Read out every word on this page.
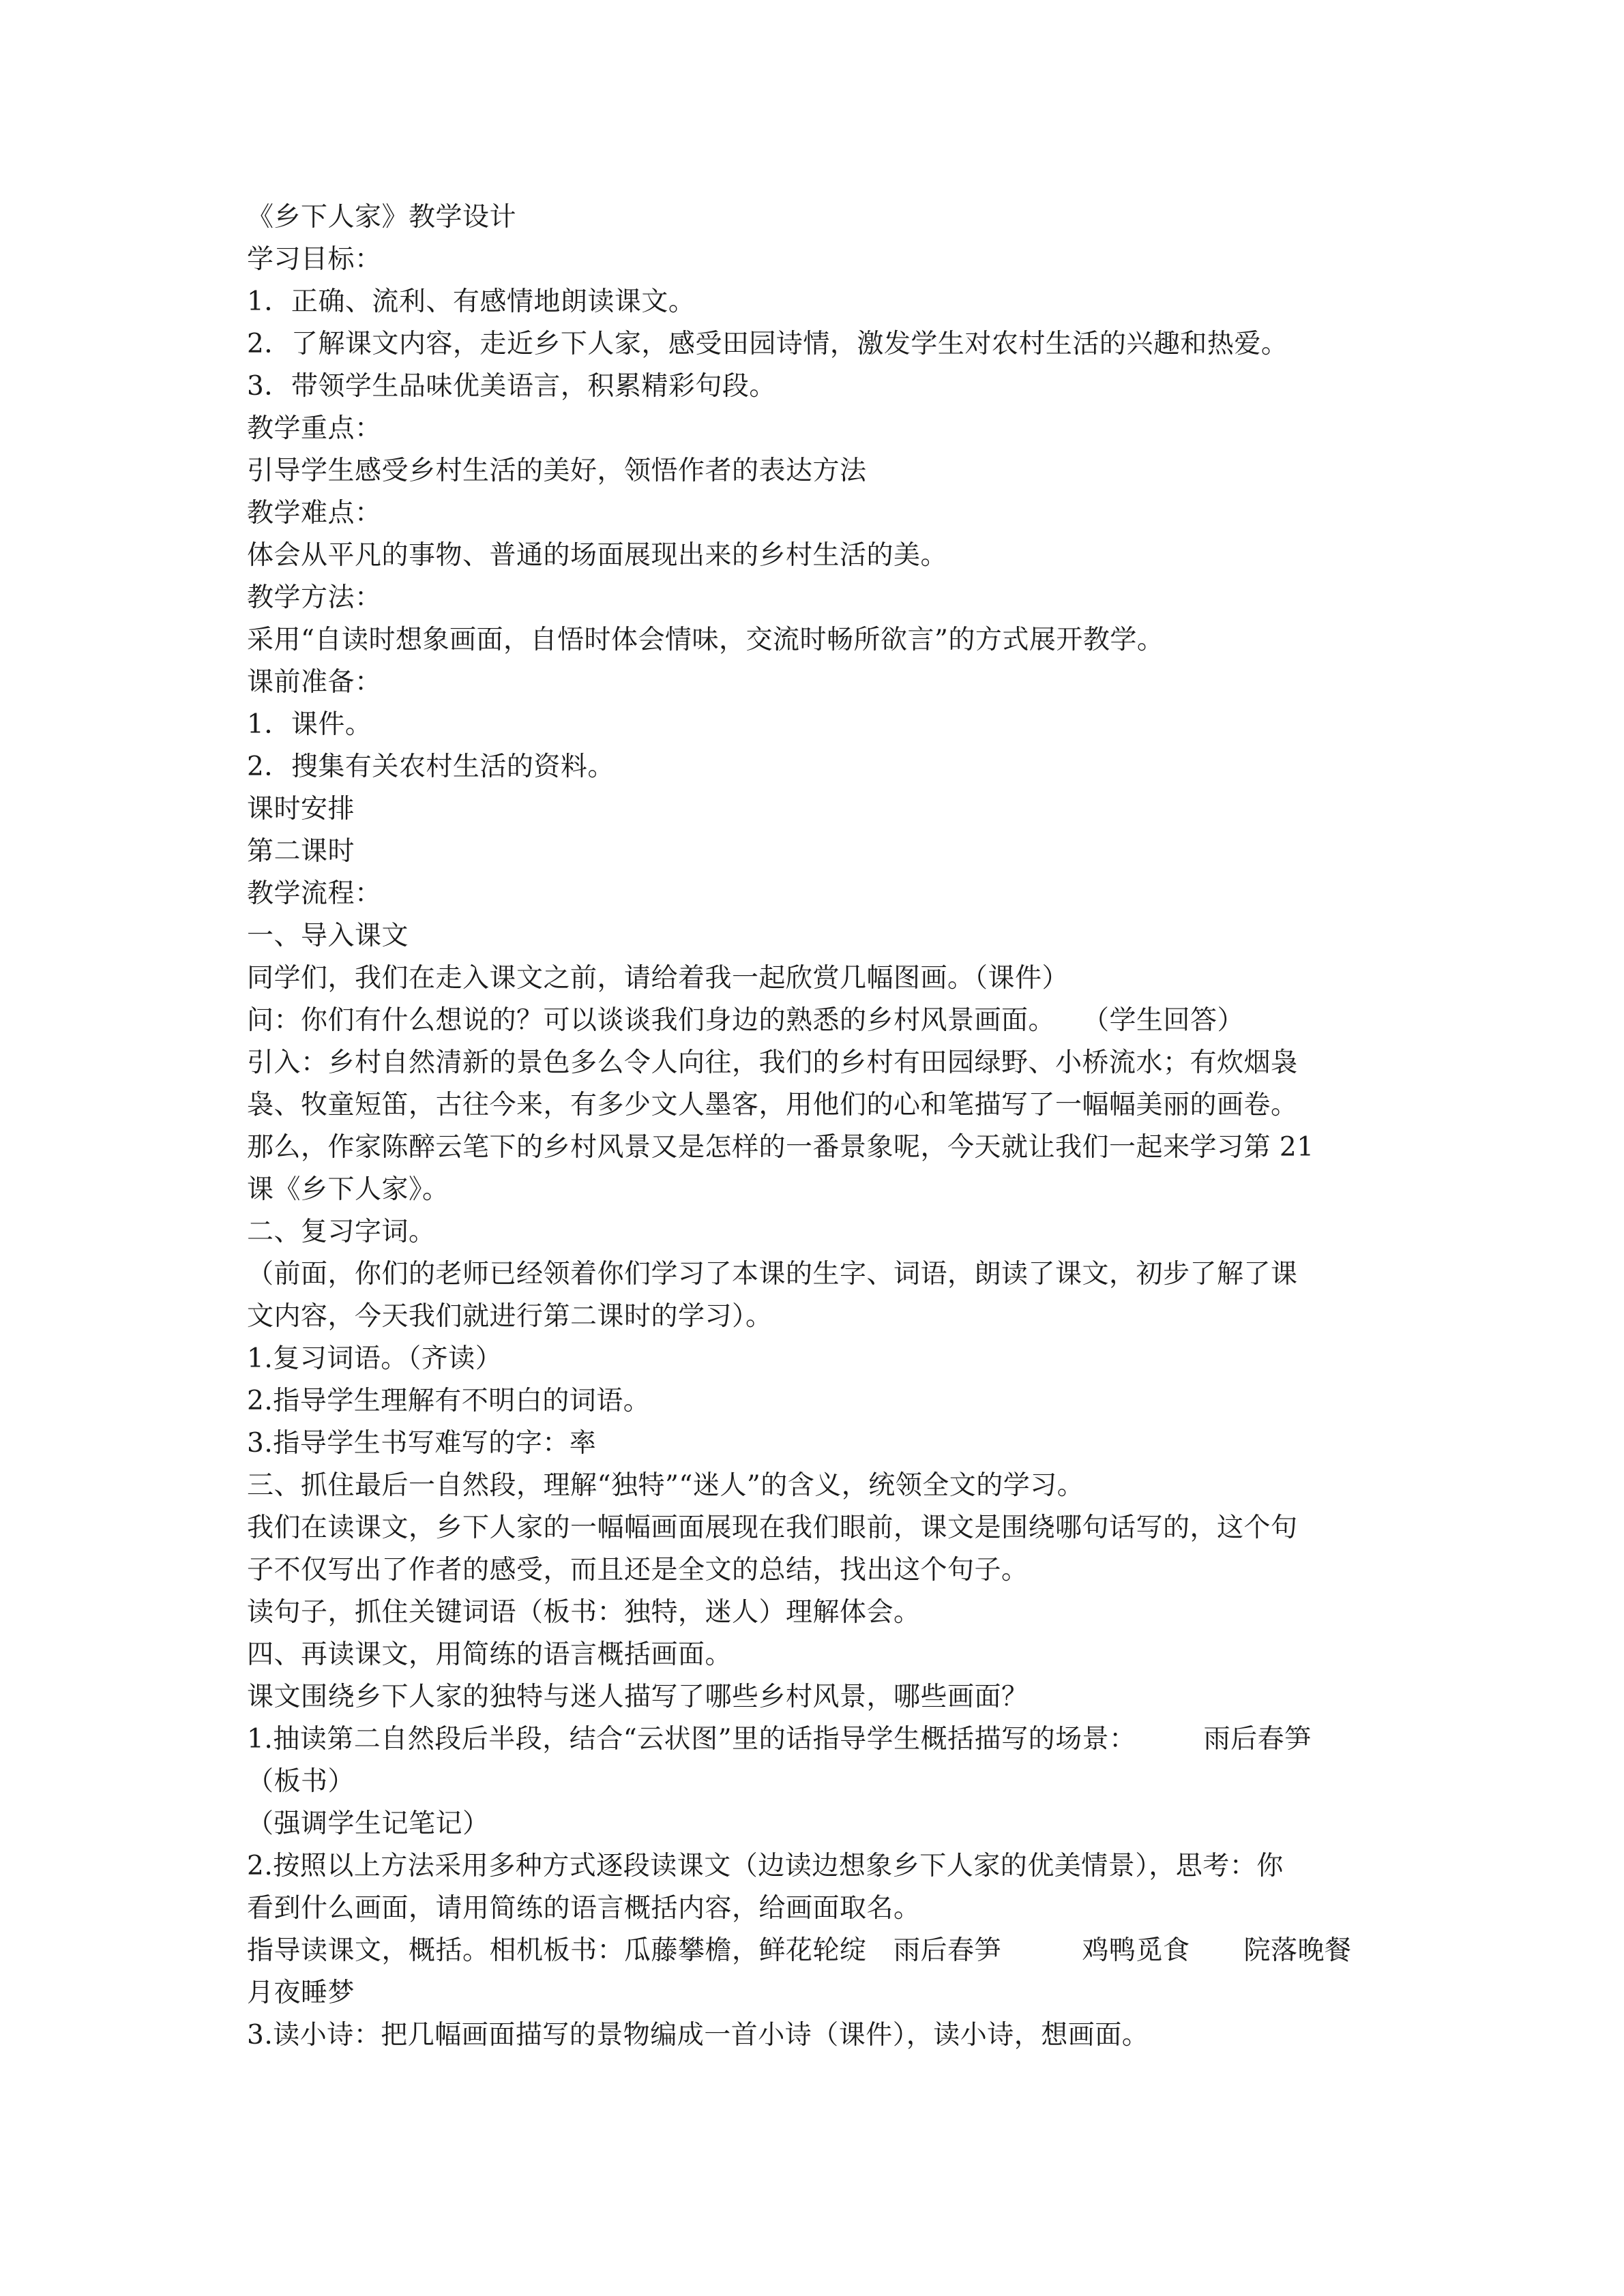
《乡下人家》教学设计
学习目标：
1．正确、流利、有感情地朗读课文。
2．了解课文内容，走近乡下人家，感受田园诗情，激发学生对农村生活的兴趣和热爱。
3．带领学生品味优美语言，积累精彩句段。
教学重点：
引导学生感受乡村生活的美好，领悟作者的表达方法
教学难点：
体会从平凡的事物、普通的场面展现出来的乡村生活的美。
教学方法：
采用“自读时想象画面，自悟时体会情味，交流时畅所欲言”的方式展开教学。
课前准备：
1．课件。
2．搜集有关农村生活的资料。
课时安排
第二课时
教学流程：
一、导入课文
同学们，我们在走入课文之前，请给着我一起欣赏几幅图画。（课件）
问：你们有什么想说的？可以谈谈我们身边的熟悉的乡村风景画面。　　（学生回答）
引入：乡村自然清新的景色多么令人向往，我们的乡村有田园绿野、小桥流水；有炊烟袅
袅、牧童短笛，古往今来，有多少文人墨客，用他们的心和笔描写了一幅幅美丽的画卷。
那么，作家陈醉云笔下的乡村风景又是怎样的一番景象呢，今天就让我们一起来学习第 21
课《乡下人家》。
二、复习字词。
（前面，你们的老师已经领着你们学习了本课的生字、词语，朗读了课文，初步了解了课
文内容，今天我们就进行第二课时的学习）。
1.复习词语。（齐读）
2.指导学生理解有不明白的词语。
3.指导学生书写难写的字：率
三、抓住最后一自然段，理解“独特”“迷人”的含义，统领全文的学习。
我们在读课文，乡下人家的一幅幅画面展现在我们眼前，课文是围绕哪句话写的，这个句
子不仅写出了作者的感受，而且还是全文的总结，找出这个句子。
读句子，抓住关键词语（板书：独特，迷人）理解体会。
四、再读课文，用简练的语言概括画面。
课文围绕乡下人家的独特与迷人描写了哪些乡村风景，哪些画面？
1.抽读第二自然段后半段，结合“云状图”里的话指导学生概括描写的场景：　　　雨后春笋
（板书）
（强调学生记笔记）
2.按照以上方法采用多种方式逐段读课文（边读边想象乡下人家的优美情景），思考：你
看到什么画面，请用简练的语言概括内容，给画面取名。
指导读课文，概括。相机板书：瓜藤攀檐，鲜花轮绽　雨后春笋　　　鸡鸭觅食　　院落晚餐
月夜睡梦
3.读小诗：把几幅画面描写的景物编成一首小诗（课件），读小诗，想画面。
